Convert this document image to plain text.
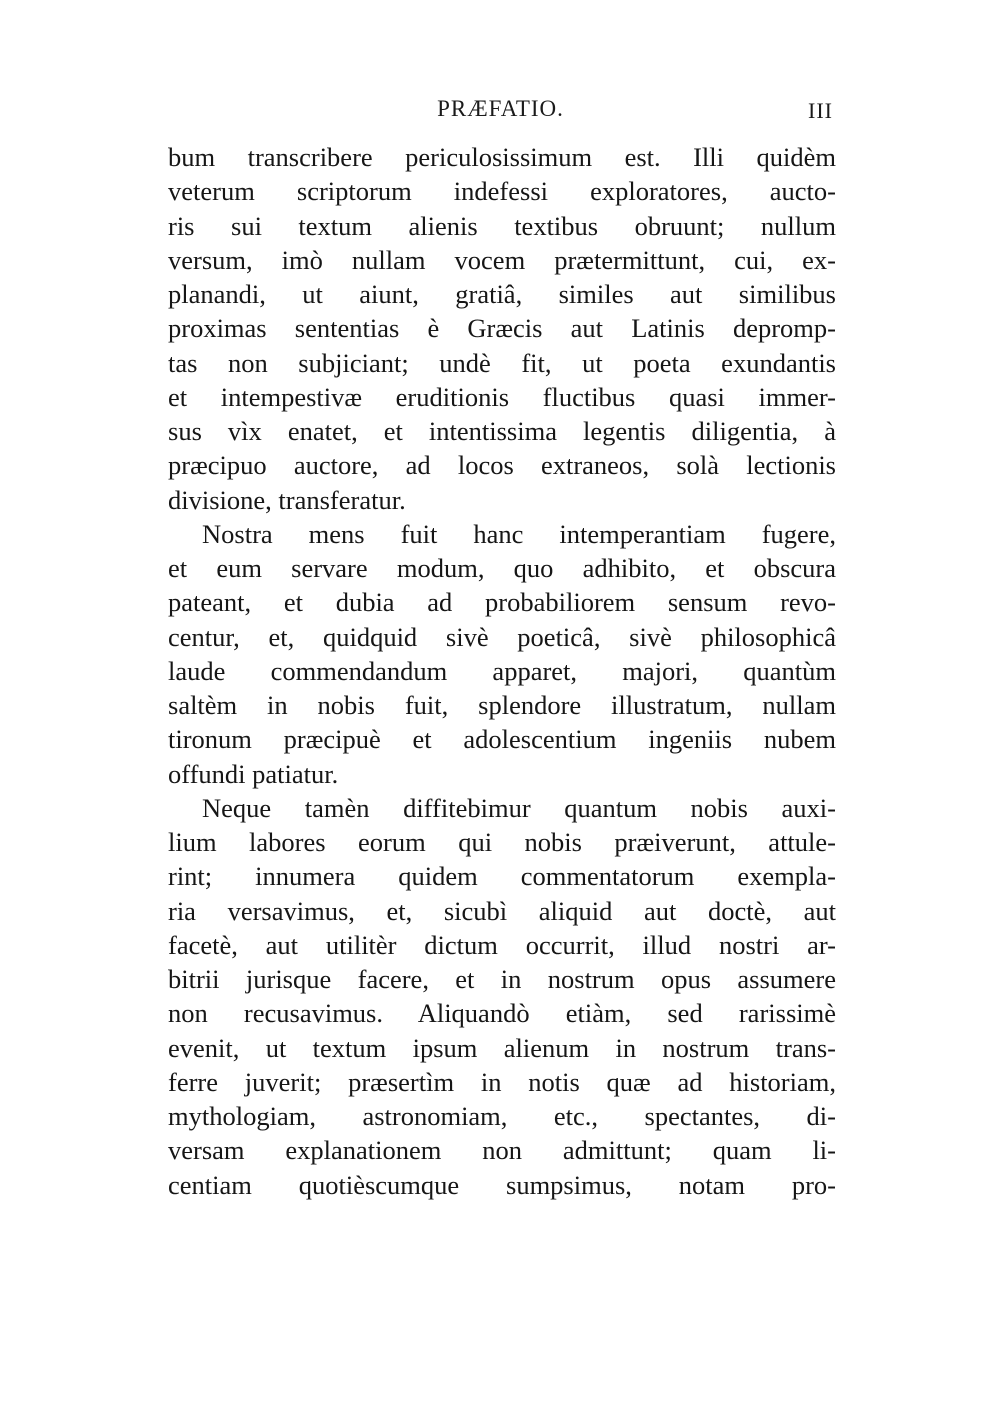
PRÆFATIO.	III
bum transcribere periculosissimum est. Illi quidèm
veterum scriptorum indefessi exploratores, aucto-
ris sui textum alienis textibus obruunt; nullum
versum, imò nullam vocem prætermittunt, cui, ex-
planandi, ut aiunt, gratiâ, similes aut similibus
proximas sententias è Græcis aut Latinis depromp-
tas non subjiciant; undè fit, ut poeta exundantis
et intempestivæ eruditionis fluctibus quasi immer-
sus vìx enatet, et intentissima legentis diligentia, à
præcipuo auctore, ad locos extraneos, solà lectionis
divisione, transferatur.
Nostra mens fuit hanc intemperantiam fugere,
et eum servare modum, quo adhibito, et obscura
pateant, et dubia ad probabiliorem sensum revo-
centur, et, quidquid sivè poeticâ, sivè philosophicâ
laude commendandum apparet, majori, quantùm
saltèm in nobis fuit, splendore illustratum, nullam
tironum præcipuè et adolescentium ingeniis nubem
offundi patiatur.
Neque tamèn diffitebimur quantum nobis auxi-
lium labores eorum qui nobis præiverunt, attule-
rint; innumera quidem commentatorum exempla-
ria versavimus, et, sicubì aliquid aut doctè, aut
facetè, aut utilitèr dictum occurrit, illud nostri ar-
bitrii jurisque facere, et in nostrum opus assumere
non recusavimus. Aliquandò etiàm, sed rarissimè
evenit, ut textum ipsum alienum in nostrum trans-
ferre juverit; præsertìm in notis quæ ad historiam,
mythologiam, astronomiam, etc., spectantes, di-
versam explanationem non admittunt; quam li-
centiam quotièscumque sumpsimus, notam pro-
